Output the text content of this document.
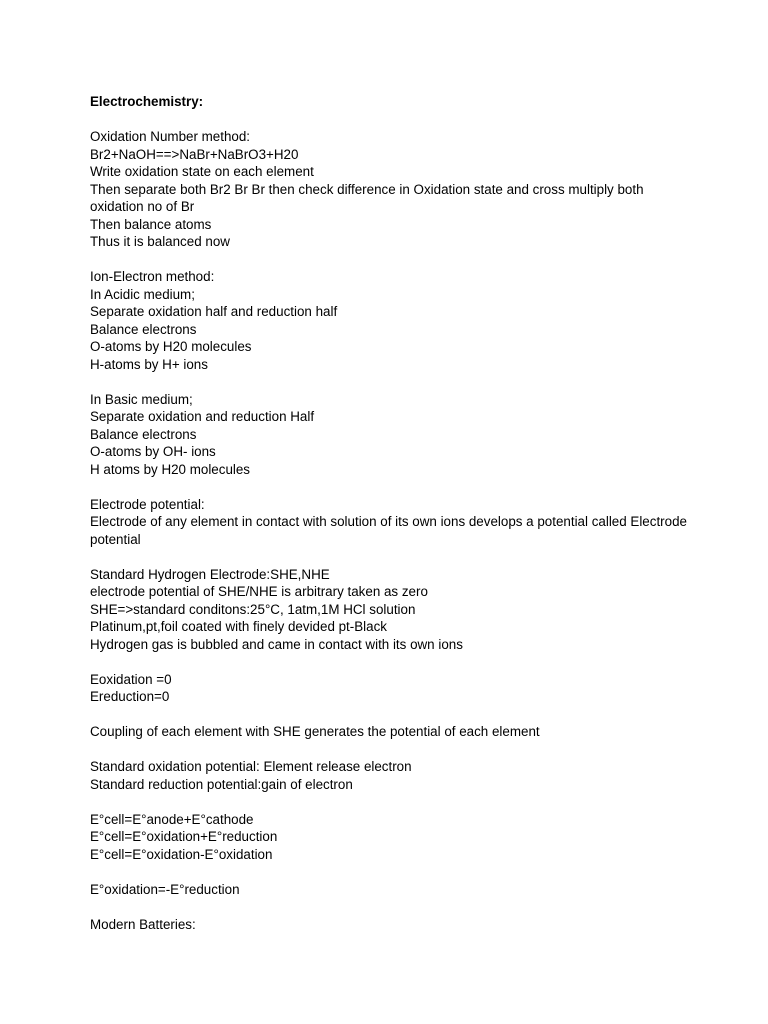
Electrochemistry:

Oxidation Number method:

Br2+NaOH==>NaBr+NaBrO3+H20

Write oxidation state on each element

Then separate both Br2 Br Br then check difference in Oxidation state and cross multiply both oxidation no of Br

Then balance atoms

Thus it is balanced now

Ion-Electron method:

In Acidic medium;

Separate oxidation half and reduction half

Balance electrons

O-atoms by H20 molecules

H-atoms by H+ ions

In Basic medium;

Separate oxidation and reduction Half

Balance electrons

O-atoms by OH- ions

H atoms by H20 molecules

Electrode potential:

Electrode of any element in contact with solution of its own ions develops a potential called Electrode potential

Standard Hydrogen Electrode:SHE,NHE

electrode potential of SHE/NHE is arbitrary taken as zero

SHE=>standard conditons:25°C, 1atm,1M HCl solution

Platinum,pt,foil coated with finely devided pt-Black

Hydrogen gas is bubbled and came in contact with its own ions

Eoxidation =0

Ereduction=0

Coupling of each element with SHE generates the potential of each element

Standard oxidation potential: Element release electron

Standard reduction potential:gain of electron

E°cell=E°anode+E°cathode

E°cell=E°oxidation+E°reduction

E°cell=E°oxidation-E°oxidation

E°oxidation=-E°reduction

Modern Batteries:
